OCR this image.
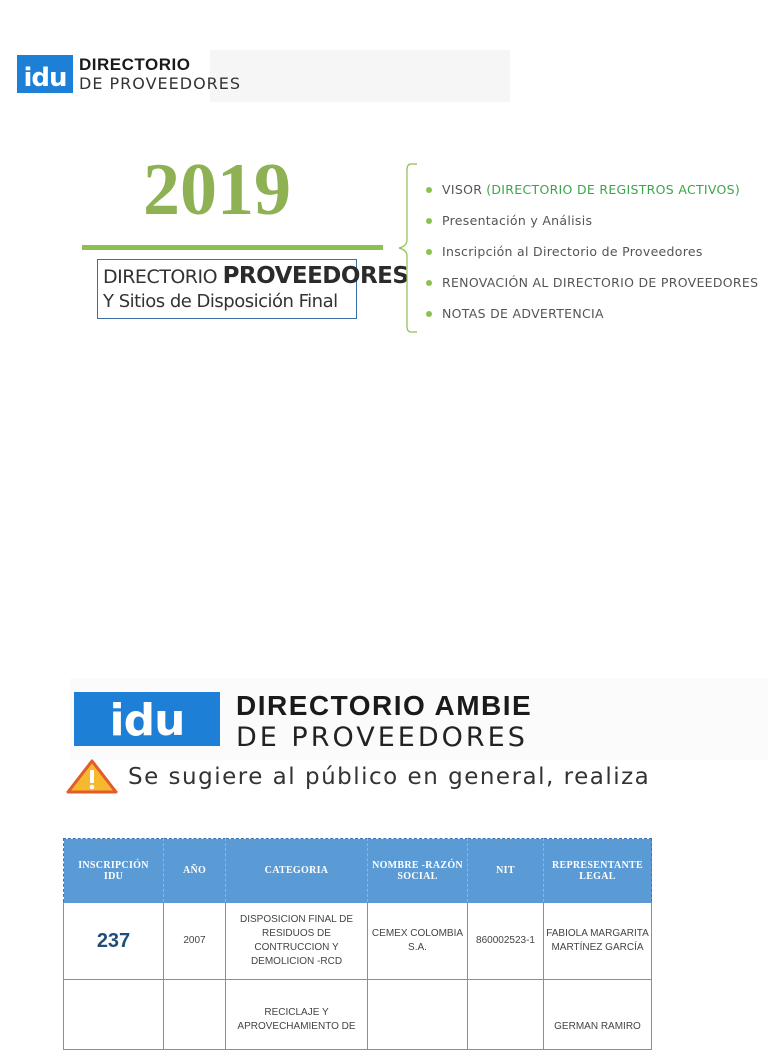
idu DIRECTORIO
DE PROVEEDORES
2019
DIRECTORIO PROVEEDORES
Y Sitios de Disposición Final
VISOR (DIRECTORIO DE REGISTROS ACTIVOS)
Presentación y Análisis
Inscripción al Directorio de Proveedores
RENOVACIÓN AL DIRECTORIO DE PROVEEDORES
NOTAS DE ADVERTENCIA
idu	DIRECTORIO AMBIE
DE PROVEEDORES
Se sugiere al público en general, realiza
INSCRIPCIÓN IDU	AÑO	CATEGORIA	NOMBRE -RAZÓN SOCIAL	NIT	REPRESENTANTE LEGAL
237	2007	DISPOSICION FINAL DE RESIDUOS DE CONTRUCCION Y DEMOLICION -RCD	CEMEX COLOMBIA S.A.	860002523-1	FABIOLA MARGARITA MARTÍNEZ GARCÍA
		RECICLAJE Y APROVECHAMIENTO DE			GERMAN RAMIRO
